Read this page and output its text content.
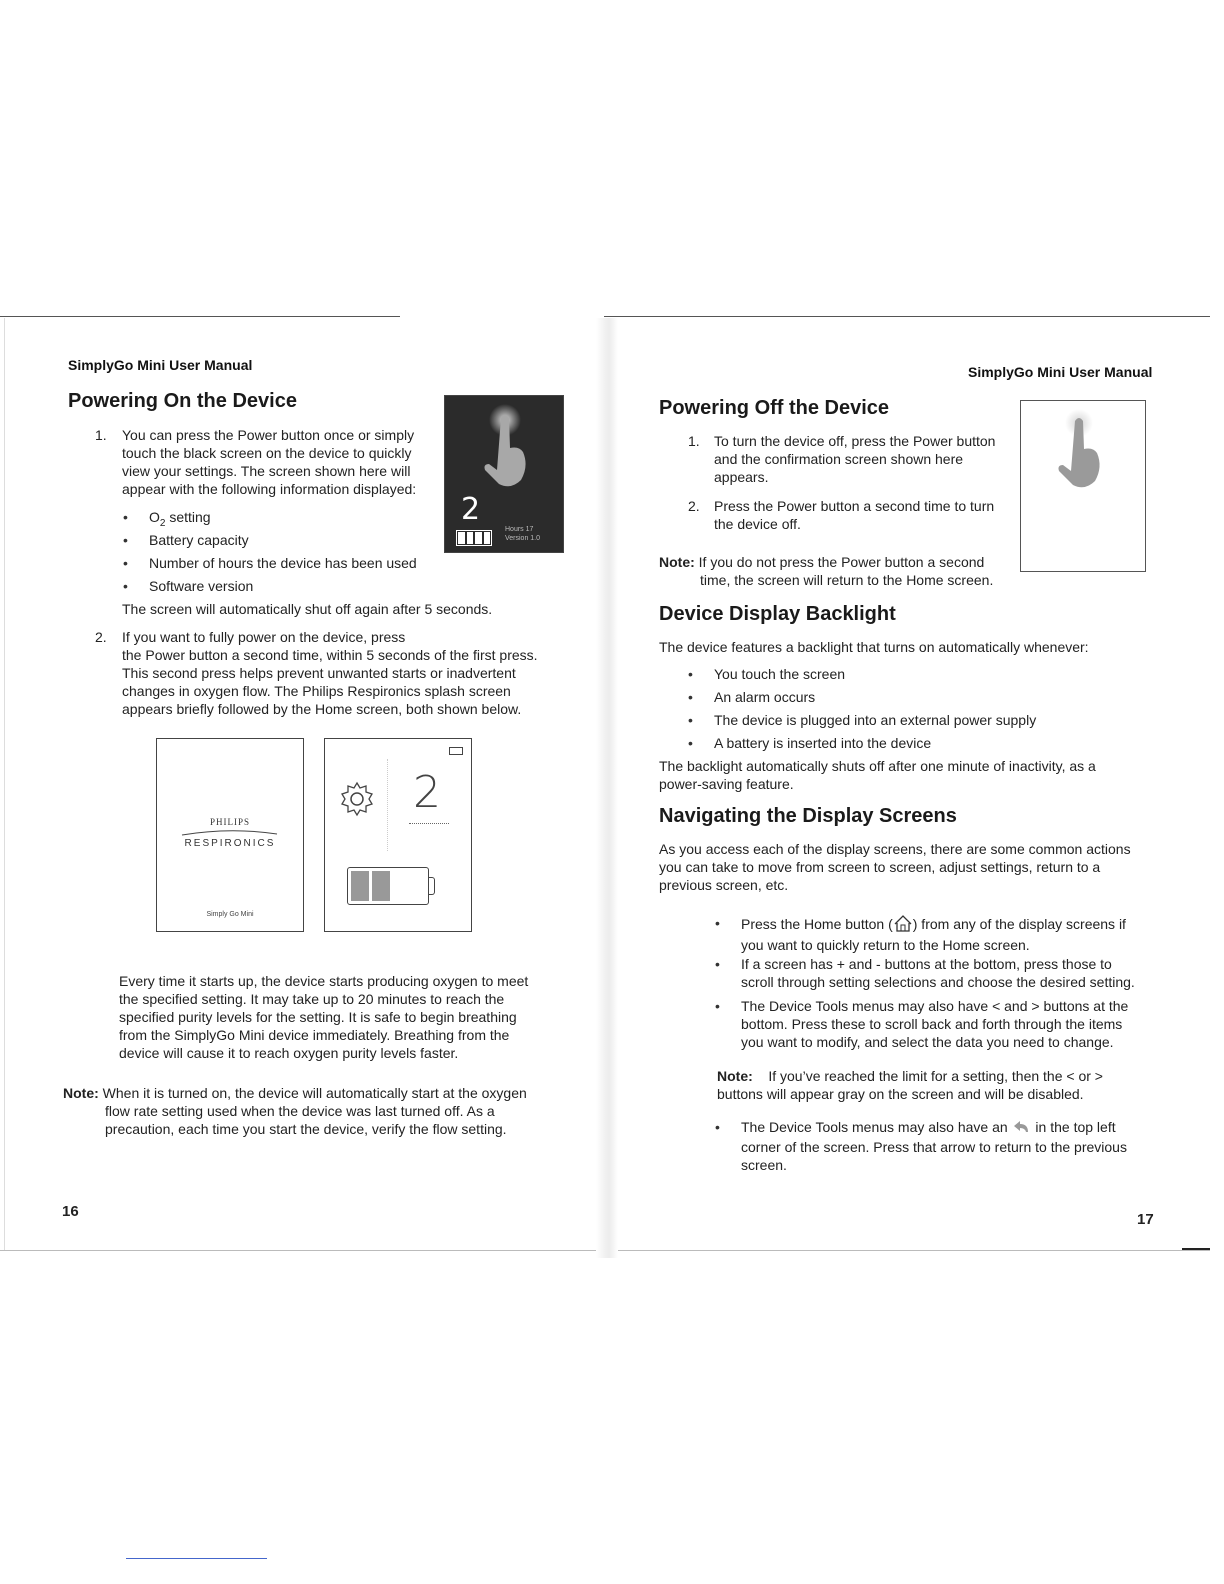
SimplyGo Mini User Manual
Powering On the Device
1. You can press the Power button once or simply
touch the black screen on the device to quickly
view your settings. The screen shown here will
appear with the following information displayed:
• $O_2$ setting
• Battery capacity
• Number of hours the device has been used
• Software version
The screen will automatically shut off again after 5 seconds.
2. If you want to fully power on the device, press
the Power button a second time, within 5 seconds of the first press.
This second press helps prevent unwanted starts or inadvertent
changes in oxygen flow. The Philips Respironics splash screen
appears briefly followed by the Home screen, both shown below.
2
Hours 17
Version 1.0
PHILIPS
RESPIRONICS
Simply Go Mini
2
Every time it starts up, the device starts producing oxygen to meet
the specified setting. It may take up to 20 minutes to reach the
specified purity levels for the setting. It is safe to begin breathing
from the SimplyGo Mini device immediately. Breathing from the
device will cause it to reach oxygen purity levels faster.
Note: When it is turned on, the device will automatically start at the oxygen
flow rate setting used when the device was last turned off. As a
precaution, each time you start the device, verify the flow setting.
16
SimplyGo Mini User Manual
Powering Off the Device
1. To turn the device off, press the Power button
and the confirmation screen shown here
appears.
2. Press the Power button a second time to turn
the device off.
Note: If you do not press the Power button a second
time, the screen will return to the Home screen.
Device Display Backlight
The device features a backlight that turns on automatically whenever:
• You touch the screen
• An alarm occurs
• The device is plugged into an external power supply
• A battery is inserted into the device
The backlight automatically shuts off after one minute of inactivity, as a
power-saving feature.
Navigating the Display Screens
As you access each of the display screens, there are some common actions
you can take to move from screen to screen, adjust settings, return to a
previous screen, etc.
• Press the Home button ( ) from any of the display screens if
you want to quickly return to the Home screen.
• If a screen has + and - buttons at the bottom, press those to
scroll through setting selections and choose the desired setting.
• The Device Tools menus may also have < and > buttons at the
bottom. Press these to scroll back and forth through the items
you want to modify, and select the data you need to change.
Note:    If you’ve reached the limit for a setting, then the < or >
buttons will appear gray on the screen and will be disabled.
• The Device Tools menus may also have an  in the top left
corner of the screen. Press that arrow to return to the previous
screen.
17
